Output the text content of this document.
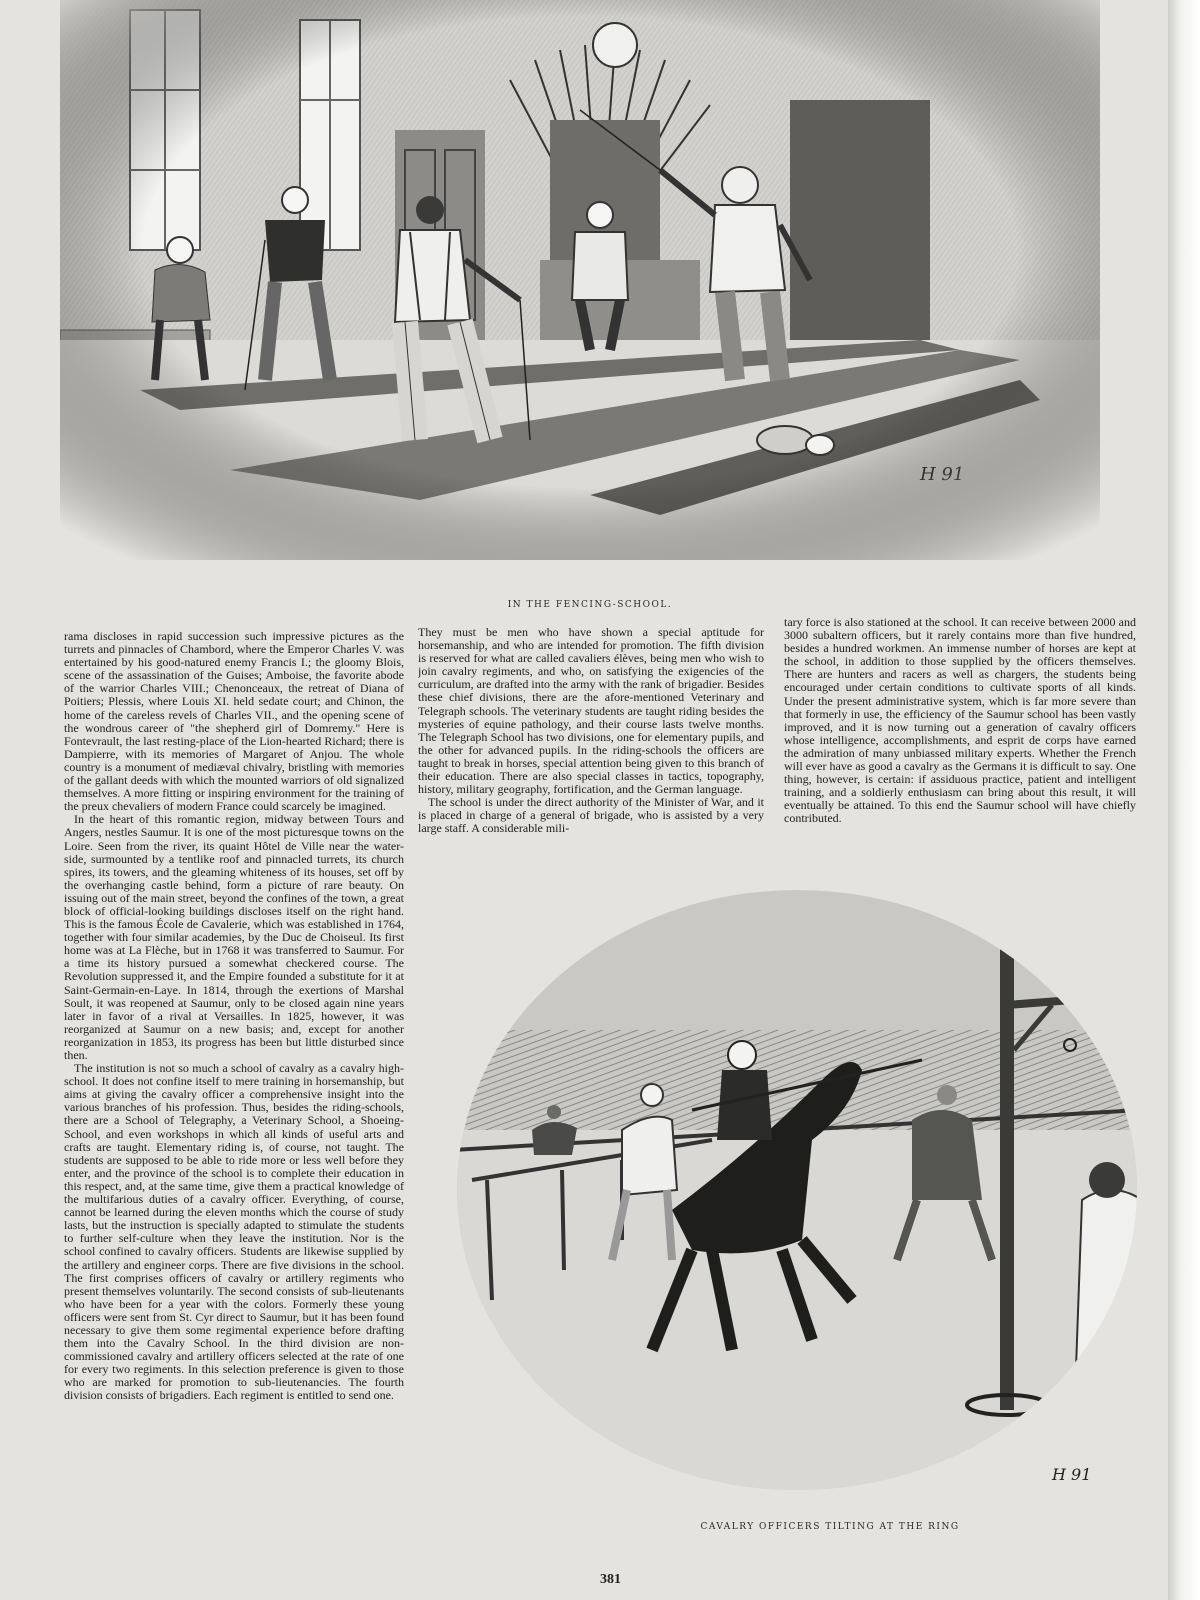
IN THE FENCING-SCHOOL.

rama discloses in rapid succession such impressive pictures as the turrets and pinnacles of Chambord, where the Emperor Charles V. was entertained by his good-natured enemy Francis I.; the gloomy Blois, scene of the assassination of the Guises; Amboise, the favorite abode of the warrior Charles VIII.; Chenonceaux, the retreat of Diana of Poitiers; Plessis, where Louis XI. held sedate court; and Chinon, the home of the careless revels of Charles VII., and the opening scene of the wondrous career of "the shepherd girl of Domremy." Here is Fontevrault, the last resting-place of the Lion-hearted Richard; there is Dampierre, with its memories of Margaret of Anjou. The whole country is a monument of mediæval chivalry, bristling with memories of the gallant deeds with which the mounted warriors of old signalized themselves. A more fitting or inspiring environment for the training of the preux chevaliers of modern France could scarcely be imagined.

In the heart of this romantic region, midway between Tours and Angers, nestles Saumur. It is one of the most picturesque towns on the Loire. Seen from the river, its quaint Hôtel de Ville near the water-side, surmounted by a tentlike roof and pinnacled turrets, its church spires, its towers, and the gleaming whiteness of its houses, set off by the overhanging castle behind, form a picture of rare beauty. On issuing out of the main street, beyond the confines of the town, a great block of official-looking buildings discloses itself on the right hand. This is the famous École de Cavalerie, which was established in 1764, together with four similar academies, by the Duc de Choiseul. Its first home was at La Flèche, but in 1768 it was transferred to Saumur. For a time its history pursued a somewhat checkered course. The Revolution suppressed it, and the Empire founded a substitute for it at Saint-Germain-en-Laye. In 1814, through the exertions of Marshal Soult, it was reopened at Saumur, only to be closed again nine years later in favor of a rival at Versailles. In 1825, however, it was reorganized at Saumur on a new basis; and, except for another reorganization in 1853, its progress has been but little disturbed since then.

The institution is not so much a school of cavalry as a cavalry high-school. It does not confine itself to mere training in horsemanship, but aims at giving the cavalry officer a comprehensive insight into the various branches of his profession. Thus, besides the riding-schools, there are a School of Telegraphy, a Veterinary School, a Shoeing-School, and even workshops in which all kinds of useful arts and crafts are taught. Elementary riding is, of course, not taught. The students are supposed to be able to ride more or less well before they enter, and the province of the school is to complete their education in this respect, and, at the same time, give them a practical knowledge of the multifarious duties of a cavalry officer. Everything, of course, cannot be learned during the eleven months which the course of study lasts, but the instruction is specially adapted to stimulate the students to further self-culture when they leave the institution. Nor is the school confined to cavalry officers. Students are likewise supplied by the artillery and engineer corps. There are five divisions in the school. The first comprises officers of cavalry or artillery regiments who present themselves voluntarily. The second consists of sub-lieutenants who have been for a year with the colors. Formerly these young officers were sent from St. Cyr direct to Saumur, but it has been found necessary to give them some regimental experience before drafting them into the Cavalry School. In the third division are non-commissioned cavalry and artillery officers selected at the rate of one for every two regiments. In this selection preference is given to those who are marked for promotion to sub-lieutenancies. The fourth division consists of brigadiers. Each regiment is entitled to send one.

They must be men who have shown a special aptitude for horsemanship, and who are intended for promotion. The fifth division is reserved for what are called cavaliers élèves, being men who wish to join cavalry regiments, and who, on satisfying the exigencies of the curriculum, are drafted into the army with the rank of brigadier. Besides these chief divisions, there are the afore-mentioned Veterinary and Telegraph schools. The veterinary students are taught riding besides the mysteries of equine pathology, and their course lasts twelve months. The Telegraph School has two divisions, one for elementary pupils, and the other for advanced pupils. In the riding-schools the officers are taught to break in horses, special attention being given to this branch of their education. There are also special classes in tactics, topography, history, military geography, fortification, and the German language.

The school is under the direct authority of the Minister of War, and it is placed in charge of a general of brigade, who is assisted by a very large staff. A considerable mili-

tary force is also stationed at the school. It can receive between 2000 and 3000 subaltern officers, but it rarely contains more than five hundred, besides a hundred workmen. An immense number of horses are kept at the school, in addition to those supplied by the officers themselves. There are hunters and racers as well as chargers, the students being encouraged under certain conditions to cultivate sports of all kinds. Under the present administrative system, which is far more severe than that formerly in use, the efficiency of the Saumur school has been vastly improved, and it is now turning out a generation of cavalry officers whose intelligence, accomplishments, and esprit de corps have earned the admiration of many unbiassed military experts. Whether the French will ever have as good a cavalry as the Germans it is difficult to say. One thing, however, is certain: if assiduous practice, patient and intelligent training, and a soldierly enthusiasm can bring about this result, it will eventually be attained. To this end the Saumur school will have chiefly contributed.

H 91
CAVALRY OFFICERS TILTING AT THE RING
381
